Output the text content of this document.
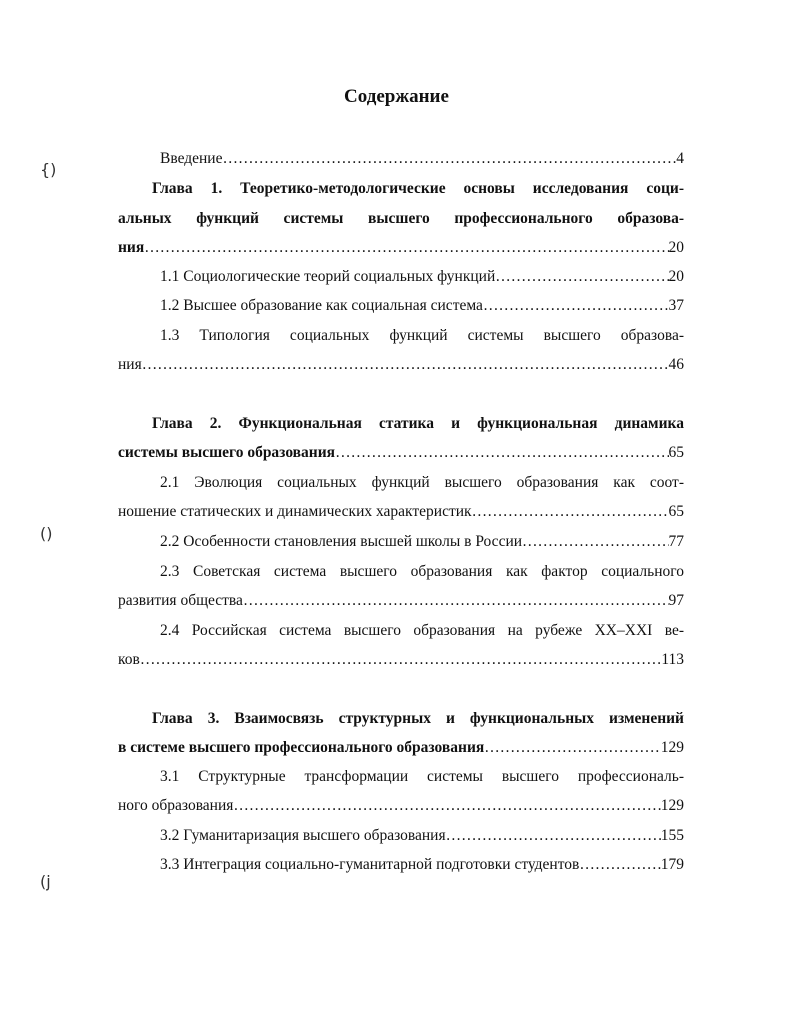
Содержание
{)
()
(j
Введение ………………………………………………………………………………………………………………………………………………	4
Глава 1. Теоретико-методологические основы исследования соци-
альных функций системы высшего профессионального образова-
ния ………………………………………………………………………………………………………………………………………………	20
1.1 Социологические теорий социальных функций ………………………………………………………………………………………………………………………………………………	20
1.2 Высшее образование как социальная система ………………………………………………………………………………………………………………………………………………	37
1.3 Типология социальных функций системы высшего образова-
ния ………………………………………………………………………………………………………………………………………………	46
Глава 2. Функциональная статика и функциональная динамика
системы высшего образования ………………………………………………………………………………………………………………………………………………	65
2.1 Эволюция социальных функций высшего образования как соот-
ношение статических и динамических характеристик ………………………………………………………………………………………………………………………………………………	65
2.2 Особенности становления высшей школы в России ………………………………………………………………………………………………………………………………………………	77
2.3 Советская система высшего образования как фактор социального
развития общества ………………………………………………………………………………………………………………………………………………	97
2.4 Российская система высшего образования на рубеже XX–XXI ве-
ков ………………………………………………………………………………………………………………………………………………	113
Глава 3. Взаимосвязь структурных и функциональных изменений
в системе высшего профессионального образования ………………………………………………………………………………………………………………………………………………	129
3.1 Структурные трансформации системы высшего профессиональ-
ного образования ………………………………………………………………………………………………………………………………………………	129
3.2 Гуманитаризация высшего образования ………………………………………………………………………………………………………………………………………………	155
3.3 Интеграция социально-гуманитарной подготовки студентов ………………………………………………………………………………………………………………………………………………	179
